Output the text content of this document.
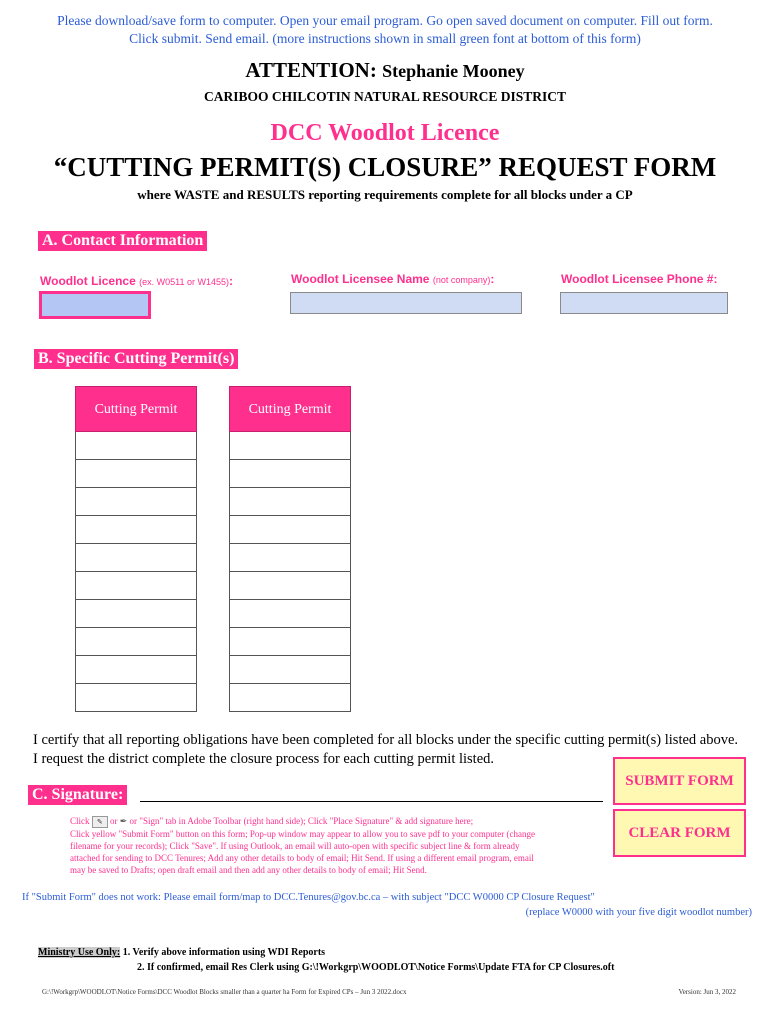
Please download/save form to computer. Open your email program. Go open saved document on computer. Fill out form.
Click submit. Send email. (more instructions shown in small green font at bottom of this form)
ATTENTION: Stephanie Mooney
CARIBOO CHILCOTIN NATURAL RESOURCE DISTRICT
DCC Woodlot Licence
“CUTTING PERMIT(S) CLOSURE” REQUEST FORM
where WASTE and RESULTS reporting requirements complete for all blocks under a CP
A. Contact Information
Woodlot Licence (ex. W0511 or W1455):	Woodlot Licensee Name (not company):	Woodlot Licensee Phone #:
B. Specific Cutting Permit(s)
Cutting Permit	Cutting Permit
I certify that all reporting obligations have been completed for all blocks under the specific cutting permit(s) listed above.
I request the district complete the closure process for each cutting permit listed.
SUBMIT FORM
CLEAR FORM
C. Signature:
Click ✎ or ✒ or "Sign" tab in Adobe Toolbar (right hand side); Click "Place Signature" & add signature here;
Click yellow "Submit Form" button on this form; Pop-up window may appear to allow you to save pdf to your computer (change
filename for your records); Click "Save". If using Outlook, an email will auto-open with specific subject line & form already
attached for sending to DCC Tenures; Add any other details to body of email; Hit Send. If using a different email program, email
may be saved to Drafts; open draft email and then add any other details to body of email; Hit Send.
If "Submit Form" does not work: Please email form/map to DCC.Tenures@gov.bc.ca – with subject "DCC W0000 CP Closure Request"
(replace W0000 with your five digit woodlot number)
Ministry Use Only: 1. Verify above information using WDI Reports
2. If confirmed, email Res Clerk using G:\!Workgrp\WOODLOT\Notice Forms\Update FTA for CP Closures.oft
G:\!Workgrp\WOODLOT\Notice Forms\DCC Woodlot Blocks smaller than a quarter ha Form for Expired CPs – Jun 3 2022.docx	Version: Jun 3, 2022
